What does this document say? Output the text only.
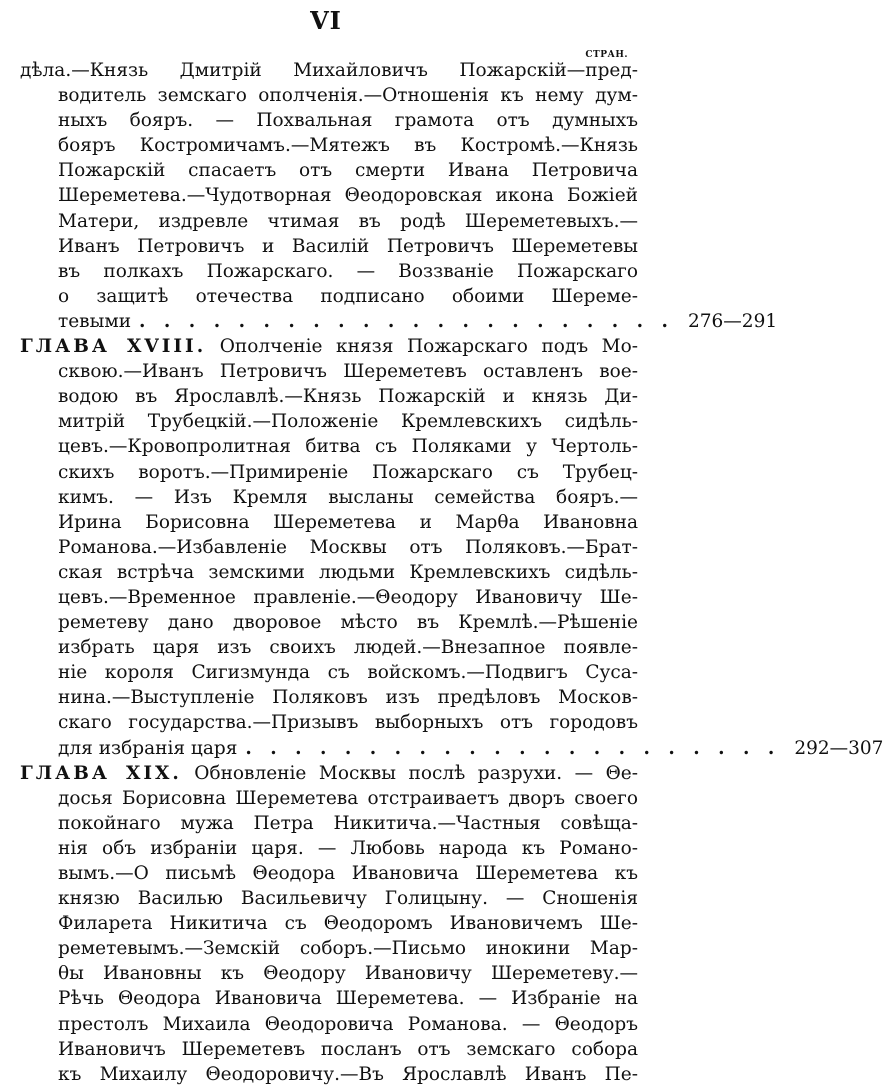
VI
СТРАН.
дѣла.—Князь Дмитрій Михайловичъ Пожарскій—пред-
водитель земскаго ополченія.—Отношенія къ нему дум-
ныхъ бояръ. — Похвальная грамота отъ думныхъ
бояръ Костромичамъ.—Мятежъ въ Костромѣ.—Князь
Пожарскій спасаетъ отъ смерти Ивана Петровича
Шереметева.—Чудотворная Θеодоровская икона Божіей
Матери, издревле чтимая въ родѣ Шереметевыхъ.—
Иванъ Петровичъ и Василій Петровичъ Шереметевы
въ полкахъ Пожарскаго. — Воззваніе Пожарскаго
о защитѣ отечества подписано обоими Шереме-
тевыми . . . . . . . . . . . . . . . . . . . . . . 276—291
ГЛАВА XVIII. Ополченіе князя Пожарскаго подъ Мо-
сквою.—Иванъ Петровичъ Шереметевъ оставленъ вое-
водою въ Ярославлѣ.—Князь Пожарскій и князь Ди-
митрій Трубецкій.—Положеніе Кремлевскихъ сидѣль-
цевъ.—Кровопролитная битва съ Поляками у Чертоль-
скихъ воротъ.—Примиреніе Пожарскаго съ Трубец-
кимъ. — Изъ Кремля высланы семейства бояръ.—
Ирина Борисовна Шереметева и Марθа Ивановна
Романова.—Избавленіе Москвы отъ Поляковъ.—Брат-
ская встрѣча земскими людьми Кремлевскихъ сидѣль-
цевъ.—Временное правленіе.—Θеодору Ивановичу Ше-
реметеву дано дворовое мѣсто въ Кремлѣ.—Рѣшеніе
избрать царя изъ своихъ людей.—Внезапное появле-
ніе короля Сигизмунда съ войскомъ.—Подвигъ Суса-
нина.—Выступленіе Поляковъ изъ предѣловъ Москов-
скаго государства.—Призывъ выборныхъ отъ городовъ
для избранія царя . . . . . . . . . . . . . . . . . . . . . . 292—307
ГЛАВА XIX. Обновленіе Москвы послѣ разрухи. — Θе-
досья Борисовна Шереметева отстраиваетъ дворъ своего
покойнаго мужа Петра Никитича.—Частныя совѣща-
нія объ избраніи царя. — Любовь народа къ Романо-
вымъ.—О письмѣ Θеодора Ивановича Шереметева къ
князю Василью Васильевичу Голицыну. — Сношенія
Филарета Никитича съ Θеодоромъ Ивановичемъ Ше-
реметевымъ.—Земскій соборъ.—Письмо инокини Мар-
θы Ивановны къ Θеодору Ивановичу Шереметеву.—
Рѣчь Θеодора Ивановича Шереметева. — Избраніе на
престолъ Михаила Θеодоровича Романова. — Θеодоръ
Ивановичъ Шереметевъ посланъ отъ земскаго собора
къ Михаилу Θеодоровичу.—Въ Ярославлѣ Иванъ Пе-
